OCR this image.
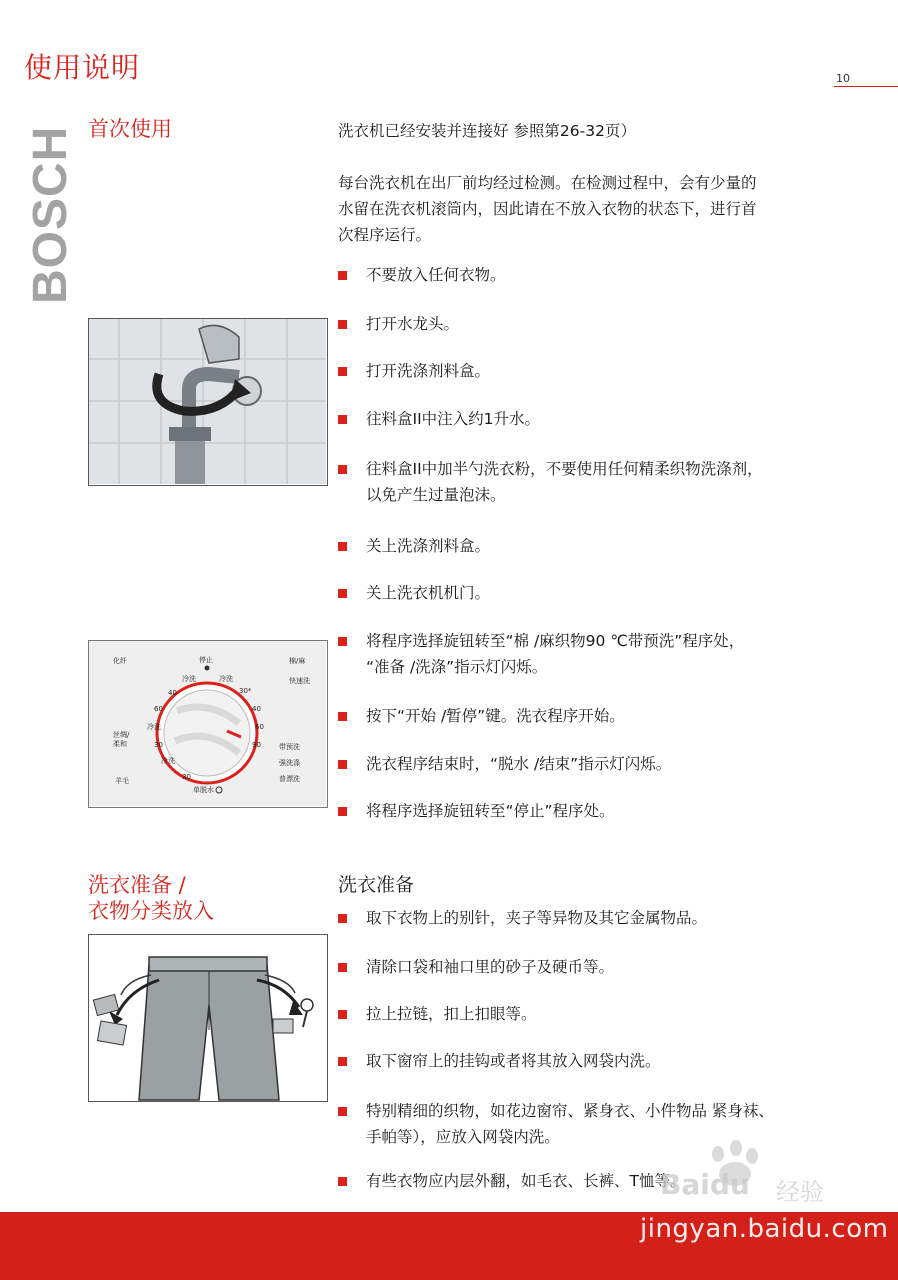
使用说明	10
BOSCH 首次使用	洗衣机已经安装并连接好 参照第26-32页）
每台洗衣机在出厂前均经过检测。在检测过程中，会有少量的
水留在洗衣机滚筒内，因此请在不放入衣物的状态下，进行首
次程序运行。
不要放入任何衣物。
打开水龙头。
打开洗涤剂料盒。
往料盒II中注入约1升水。
往料盒II中加半勺洗衣粉，不要使用任何精柔织物洗涤剂，
以免产生过量泡沫。
关上洗涤剂料盒。
关上洗衣机机门。
将程序选择旋钮转至“棉 /麻织物90 ℃带预洗”程序处，
“准备 /洗涤”指示灯闪烁。
按下“开始 /暂停”键。洗衣程序开始。
洗衣程序结束时，“脱水 /结束”指示灯闪烁。
将程序选择旋钮转至“停止”程序处。
停止
冷洗	冷洗
化纤	棉/麻
丝绸/
柔和
羊毛
40
60
冷洗
30
30*
40
60
90
快速洗
带预洗
强洗涤
普漂洗
冷洗
30
单脱水
洗衣准备 /
衣物分类放入
洗衣准备
取下衣物上的别针，夹子等异物及其它金属物品。
清除口袋和袖口里的砂子及硬币等。
拉上拉链，扣上扣眼等。
取下窗帘上的挂钩或者将其放入网袋内洗。
特别精细的织物，如花边窗帘、紧身衣、小件物品 紧身袜、
手帕等），应放入网袋内洗。
有些衣物应内层外翻，如毛衣、长裤、T恤等。
Baidu 经验
jingyan.baidu.com
